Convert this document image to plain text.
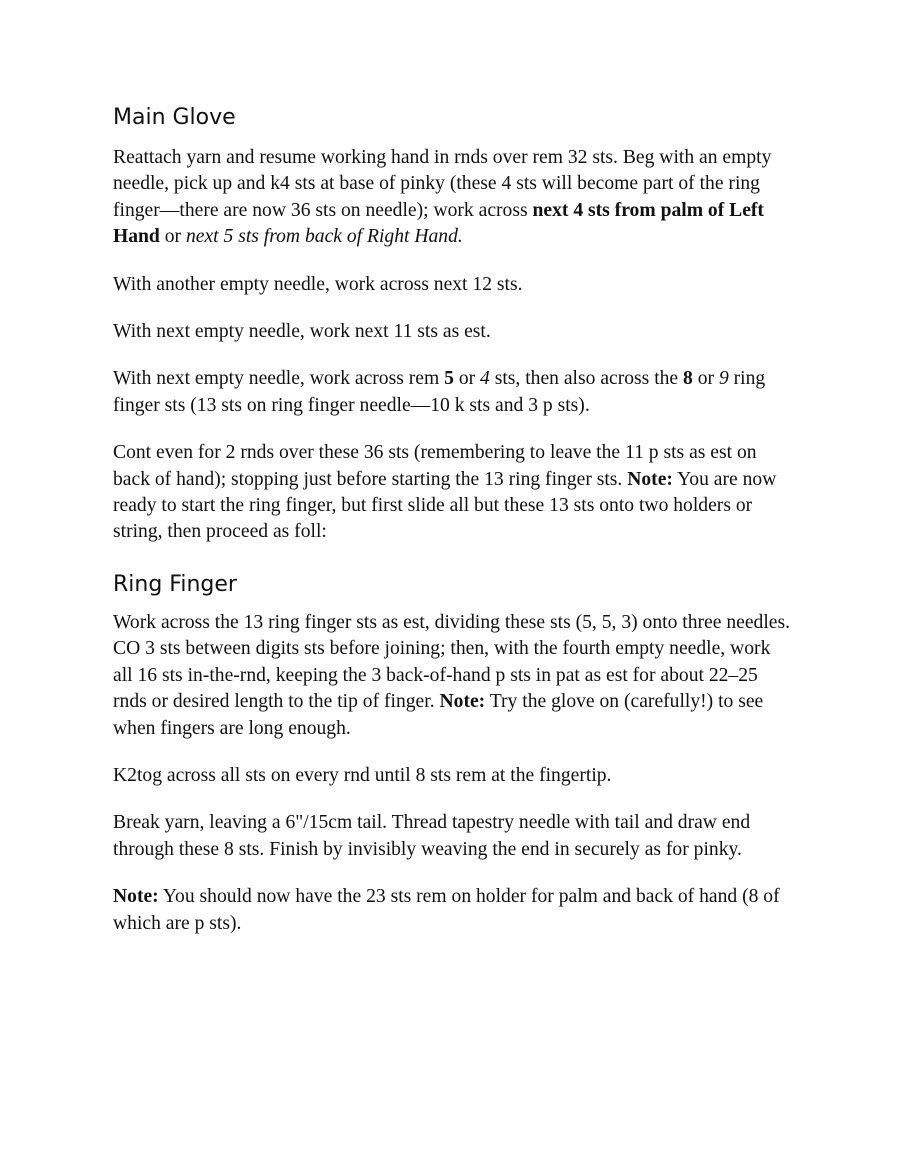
Main Glove

Reattach yarn and resume working hand in rnds over rem 32 sts. Beg with an empty needle, pick up and k4 sts at base of pinky (these 4 sts will become part of the ring finger—there are now 36 sts on needle); work across next 4 sts from palm of Left Hand or next 5 sts from back of Right Hand.

With another empty needle, work across next 12 sts.

With next empty needle, work next 11 sts as est.

With next empty needle, work across rem 5 or 4 sts, then also across the 8 or 9 ring finger sts (13 sts on ring finger needle—10 k sts and 3 p sts).

Cont even for 2 rnds over these 36 sts (remembering to leave the 11 p sts as est on back of hand); stopping just before starting the 13 ring finger sts. Note: You are now ready to start the ring finger, but first slide all but these 13 sts onto two holders or string, then proceed as foll:

Ring Finger

Work across the 13 ring finger sts as est, dividing these sts (5, 5, 3) onto three needles. CO 3 sts between digits sts before joining; then, with the fourth empty needle, work all 16 sts in-the-rnd, keeping the 3 back-of-hand p sts in pat as est for about 22–25 rnds or desired length to the tip of finger. Note: Try the glove on (carefully!) to see when fingers are long enough.

K2tog across all sts on every rnd until 8 sts rem at the fingertip.

Break yarn, leaving a 6"/15cm tail. Thread tapestry needle with tail and draw end through these 8 sts. Finish by invisibly weaving the end in securely as for pinky.

Note: You should now have the 23 sts rem on holder for palm and back of hand (8 of which are p sts).
